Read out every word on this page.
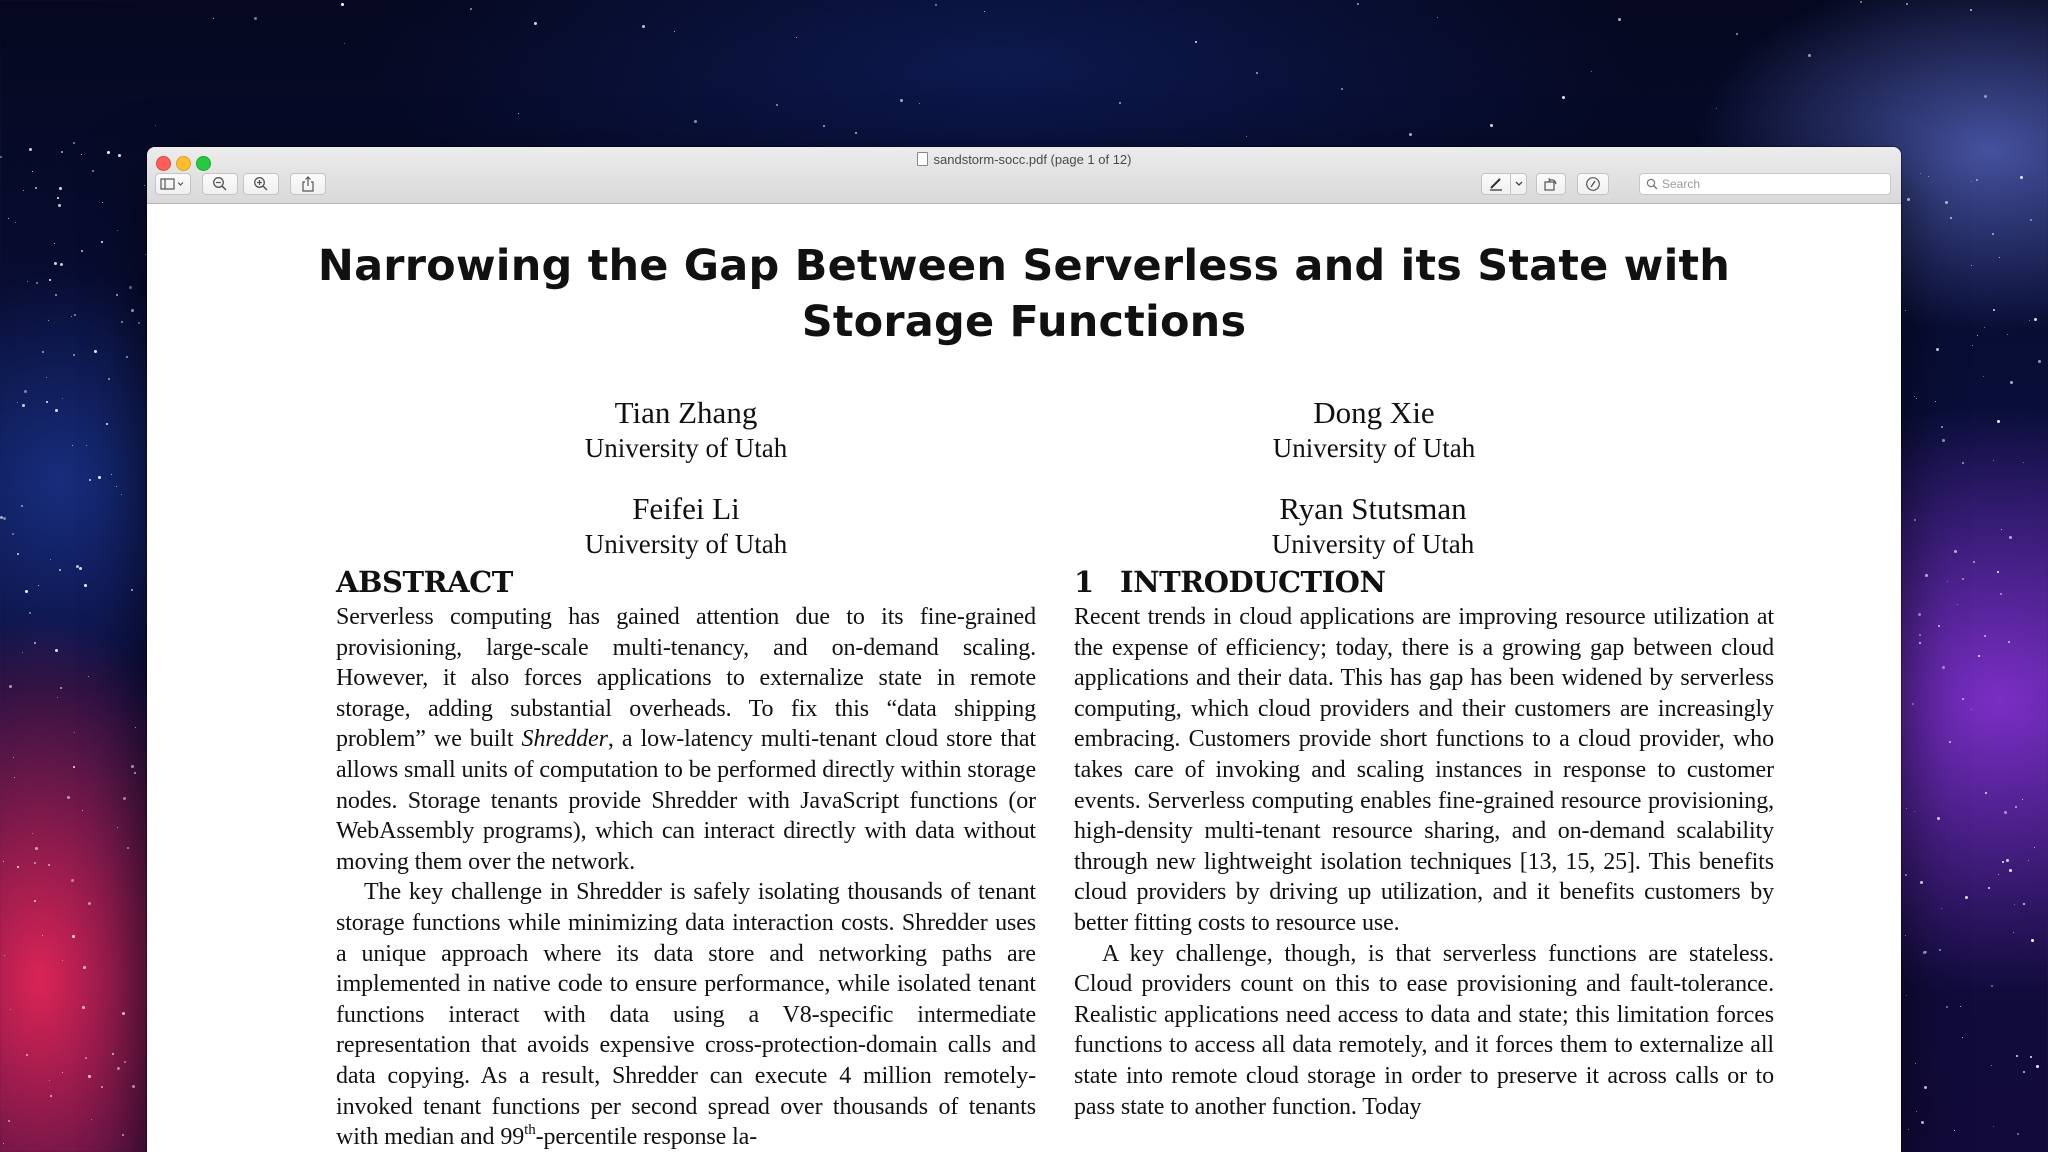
sandstorm-socc.pdf (page 1 of 12)
Search
Narrowing the Gap Between Serverless and its State with
Storage Functions
Tian Zhang
University of Utah
Dong Xie
University of Utah
Feifei Li
University of Utah
Ryan Stutsman
University of Utah
ABSTRACT

Serverless computing has gained attention due to its fine-grained provisioning, large-scale multi-tenancy, and on-demand scaling. However, it also forces applications to externalize state in remote storage, adding substantial overheads. To fix this “data shipping problem” we built Shredder, a low-latency multi-tenant cloud store that allows small units of computation to be performed directly within storage nodes. Storage tenants provide Shredder with JavaScript functions (or WebAssembly programs), which can interact directly with data without moving them over the network.

The key challenge in Shredder is safely isolating thousands of tenant storage functions while minimizing data interaction costs. Shredder uses a unique approach where its data store and networking paths are implemented in native code to ensure performance, while isolated tenant functions interact with data using a V8-specific intermediate representation that avoids expensive cross-protection-domain calls and data copying. As a result, Shredder can execute 4 million remotely-invoked tenant functions per second spread over thousands of tenants with median and 99th-percentile response la-

1 INTRODUCTION

Recent trends in cloud applications are improving resource utilization at the expense of efficiency; today, there is a growing gap between cloud applications and their data. This has gap has been widened by serverless computing, which cloud providers and their customers are increasingly embracing. Customers provide short functions to a cloud provider, who takes care of invoking and scaling instances in response to customer events. Serverless computing enables fine-grained resource provisioning, high-density multi-tenant resource sharing, and on-demand scalability through new lightweight isolation techniques [13, 15, 25]. This benefits cloud providers by driving up utilization, and it benefits customers by better fitting costs to resource use.

A key challenge, though, is that serverless functions are stateless. Cloud providers count on this to ease provisioning and fault-tolerance. Realistic applications need access to data and state; this limitation forces functions to access all data remotely, and it forces them to externalize all state into remote cloud storage in order to preserve it across calls or to pass state to another function. Today
